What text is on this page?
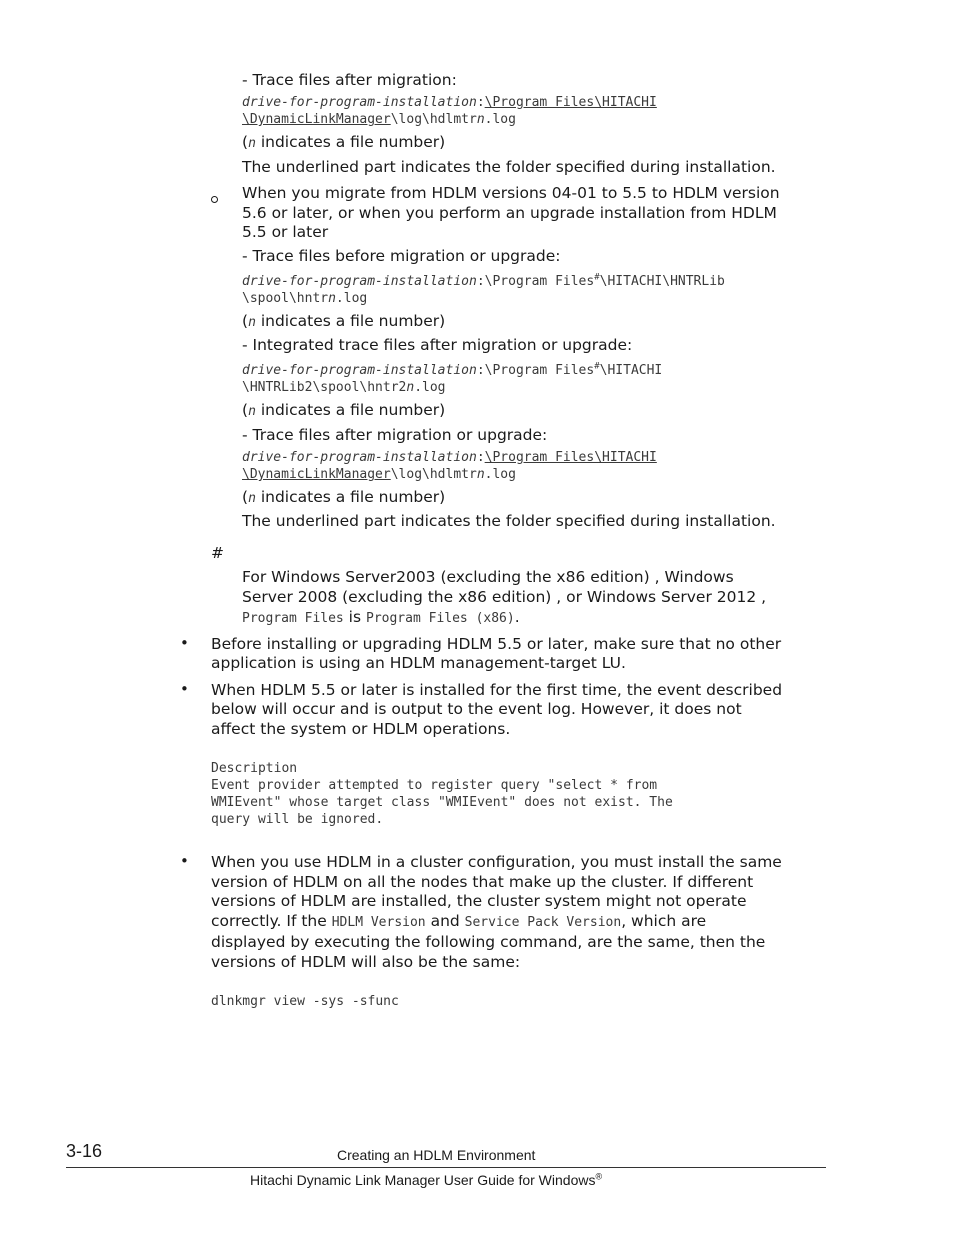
- Trace files after migration:
drive-for-program-installation:\Program Files\HITACHI
\DynamicLinkManager\log\hdlmtrn.log
(n indicates a file number)
The underlined part indicates the folder specified during installation.
When you migrate from HDLM versions 04-01 to 5.5 to HDLM version
5.6 or later, or when you perform an upgrade installation from HDLM
5.5 or later
- Trace files before migration or upgrade:
drive-for-program-installation:\Program Files#\HITACHI\HNTRLib
\spool\hntrn.log
(n indicates a file number)
- Integrated trace files after migration or upgrade:
drive-for-program-installation:\Program Files#\HITACHI
\HNTRLib2\spool\hntr2n.log
(n indicates a file number)
- Trace files after migration or upgrade:
drive-for-program-installation:\Program Files\HITACHI
\DynamicLinkManager\log\hdlmtrn.log
(n indicates a file number)
The underlined part indicates the folder specified during installation.
#
For Windows Server2003 (excluding the x86 edition) , Windows
Server 2008 (excluding the x86 edition) , or Windows Server 2012 ,
Program Files is Program Files (x86).
• Before installing or upgrading HDLM 5.5 or later, make sure that no other
application is using an HDLM management-target LU.
• When HDLM 5.5 or later is installed for the first time, the event described
below will occur and is output to the event log. However, it does not
affect the system or HDLM operations.
Description
Event provider attempted to register query "select * from
WMIEvent" whose target class "WMIEvent" does not exist. The
query will be ignored.
• When you use HDLM in a cluster configuration, you must install the same
version of HDLM on all the nodes that make up the cluster. If different
versions of HDLM are installed, the cluster system might not operate
correctly. If the HDLM Version and Service Pack Version, which are
displayed by executing the following command, are the same, then the
versions of HDLM will also be the same:
dlnkmgr view -sys -sfunc
3-16	Creating an HDLM Environment
Hitachi Dynamic Link Manager User Guide for Windows®
